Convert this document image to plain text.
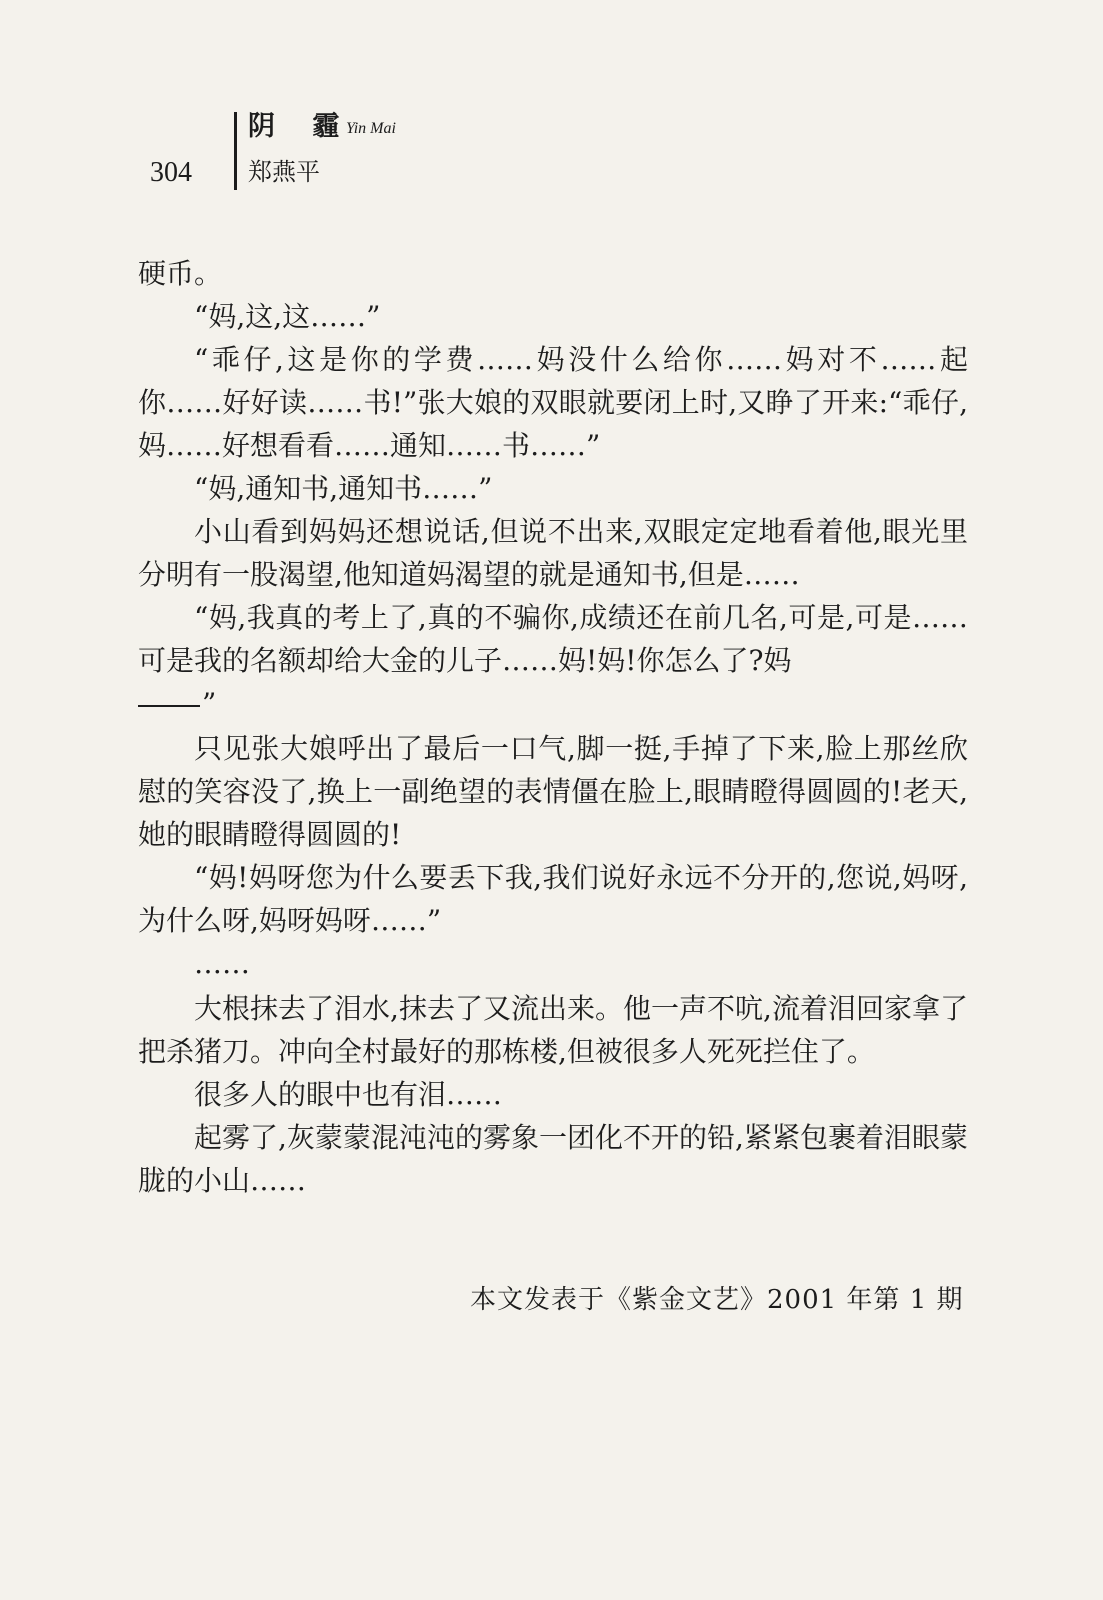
304
阴 霾
Yin Mai
郑燕平

硬币。

“妈,这,这……”

“乖仔,这是你的学费……妈没什么给你……妈对不……起你……好好读……书!”张大娘的双眼就要闭上时,又睁了开来:“乖仔,妈……好想看看……通知……书……”

“妈,通知书,通知书……”

小山看到妈妈还想说话,但说不出来,双眼定定地看着他,眼光里分明有一股渴望,他知道妈渴望的就是通知书,但是……

“妈,我真的考上了,真的不骗你,成绩还在前几名,可是,可是……可是我的名额却给大金的儿子……妈!妈!你怎么了?妈

”

只见张大娘呼出了最后一口气,脚一挺,手掉了下来,脸上那丝欣慰的笑容没了,换上一副绝望的表情僵在脸上,眼睛瞪得圆圆的!老天,她的眼睛瞪得圆圆的!

“妈!妈呀您为什么要丢下我,我们说好永远不分开的,您说,妈呀,为什么呀,妈呀妈呀……”

……

大根抹去了泪水,抹去了又流出来。他一声不吭,流着泪回家拿了把杀猪刀。冲向全村最好的那栋楼,但被很多人死死拦住了。

很多人的眼中也有泪……

起雾了,灰蒙蒙混沌沌的雾象一团化不开的铅,紧紧包裹着泪眼蒙胧的小山……

本文发表于《紫金文艺》2001 年第 1 期
